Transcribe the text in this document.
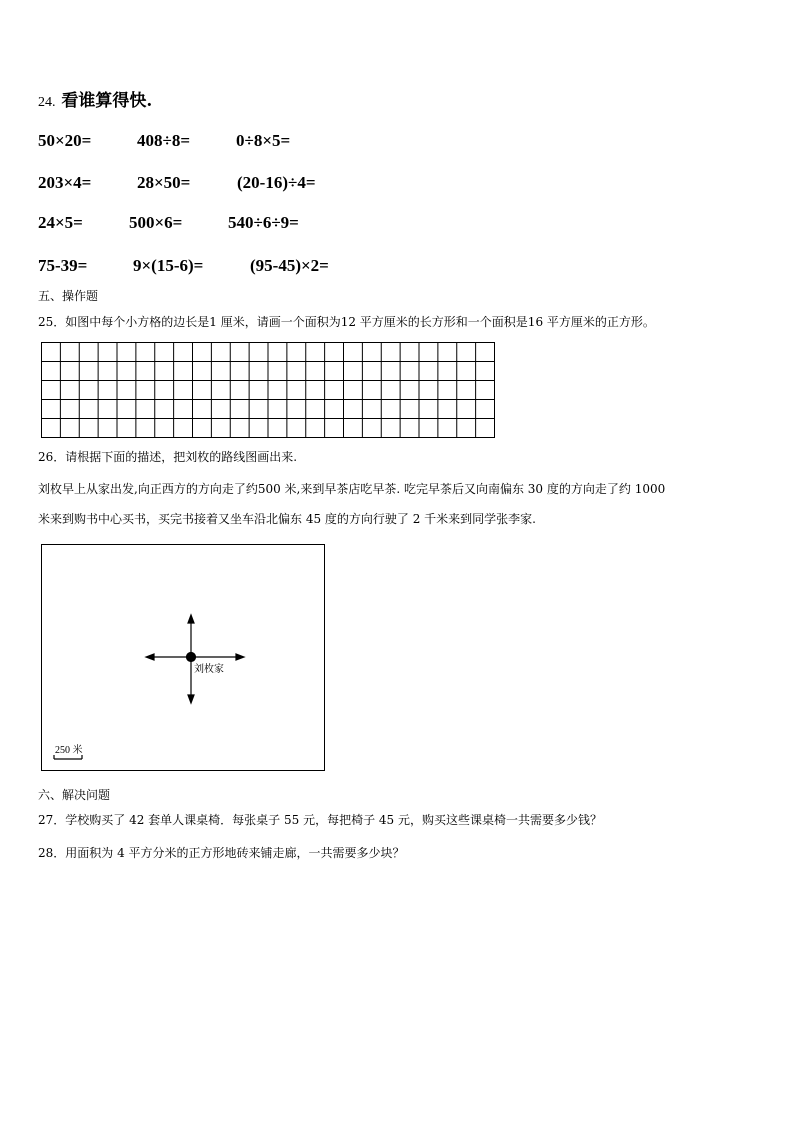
24. 看谁算得快.
50×20=	408÷8=	0÷8×5=
203×4=	28×50=	(20-16)÷4=
24×5=	500×6=	540÷6÷9=
75-39=	9×(15-6)=	(95-45)×2=
五、操作题
25．如图中每个小方格的边长是1 厘米，请画一个面积为12 平方厘米的长方形和一个面积是16 平方厘米的正方形。
26．请根据下面的描述，把刘枚的路线图画出来.
刘枚早上从家出发,向正西方的方向走了约500 米,来到早茶店吃早茶. 吃完早茶后又向南偏东 30 度的方向走了约 1000
米来到购书中心买书，买完书接着又坐车沿北偏东 45 度的方向行驶了 2 千米来到同学张李家.
刘枚家
250 米
六、解决问题
27．学校购买了 42 套单人课桌椅．每张桌子 55 元，每把椅子 45 元，购买这些课桌椅一共需要多少钱？
28．用面积为 4 平方分米的正方形地砖来铺走廊，一共需要多少块？
